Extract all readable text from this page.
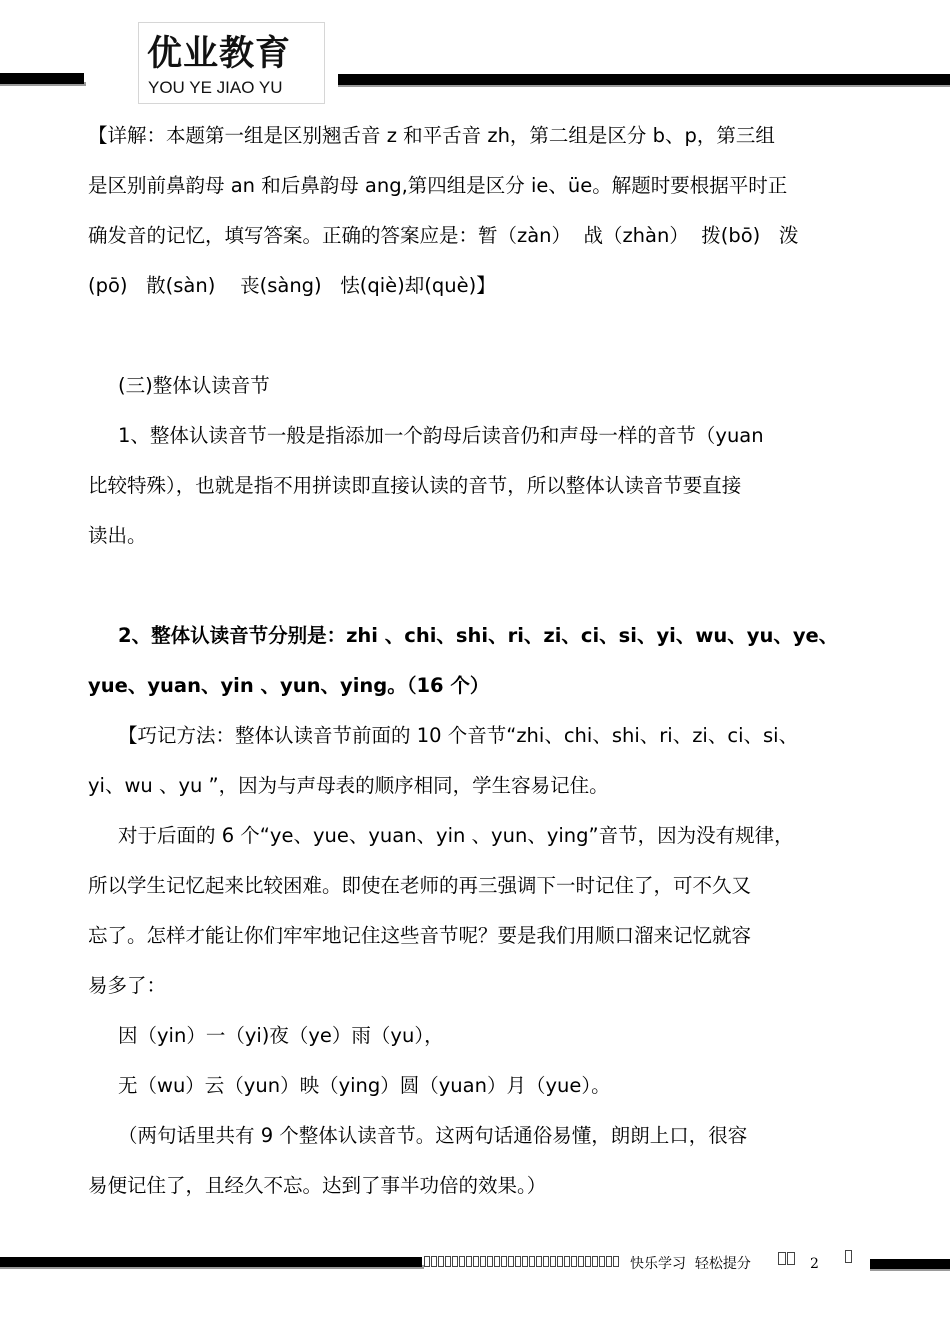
优业教育
YOU YE JIAO YU

【详解：本题第一组是区别翘舌音 z 和平舌音 zh，第二组是区分 b、p，第三组

是区别前鼻韵母 an 和后鼻韵母 ang,第四组是区分 ie、üe。解题时要根据平时正

确发音的记忆，填写答案。正确的答案应是：暂（zàn）  战（zhàn）  拨(bō)   泼

(pō)   散(sàn)    丧(sàng)   怯(qiè)却(què)】

(三)整体认读音节

1、整体认读音节一般是指添加一个韵母后读音仍和声母一样的音节（yuan

比较特殊），也就是指不用拼读即直接认读的音节，所以整体认读音节要直接

读出。

2、整体认读音节分别是：zhi 、chi、shi、ri、zi、ci、si、yi、wu、yu、ye、

yue、yuan、yin 、yun、ying。（16 个）

【巧记方法：整体认读音节前面的 10 个音节“zhi、chi、shi、ri、zi、ci、si、

yi、wu 、yu ”，因为与声母表的顺序相同，学生容易记住。

对于后面的 6 个“ye、yue、yuan、yin 、yun、ying”音节，因为没有规律，

所以学生记忆起来比较困难。即使在老师的再三强调下一时记住了，可不久又

忘了。怎样才能让你们牢牢地记住这些音节呢？要是我们用顺口溜来记忆就容

易多了：

因（yin）一（yi)夜（ye）雨（yu），

无（wu）云（yun）映（ying）圆（yuan）月（yue）。

（两句话里共有 9 个整体认读音节。这两句话通俗易懂，朗朗上口，很容

易便记住了，且经久不忘。达到了事半功倍的效果。）

快乐学习  轻松提分	2
